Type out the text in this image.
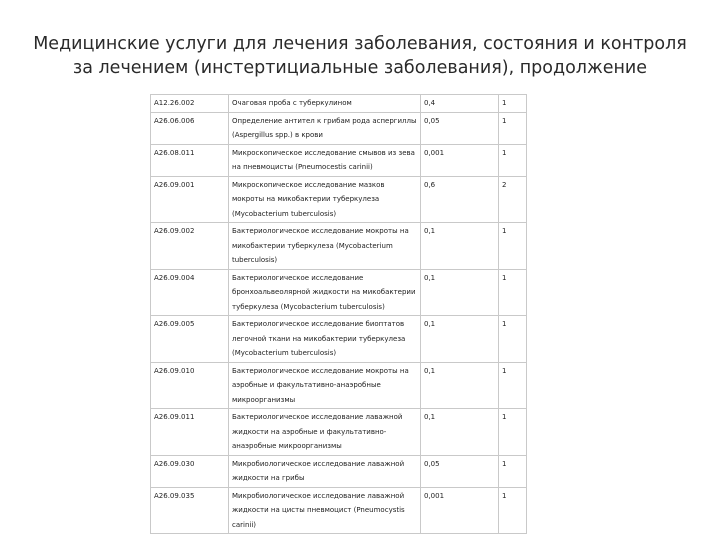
Медицинские услуги для лечения заболевания, состояния и контроля
за лечением (инстертициальные заболевания), продолжение
A12.26.002	Очаговая проба с туберкулином	0,4	1
A26.06.006	Определение антител к грибам рода аспергиллы (Aspergillus spp.) в крови	0,05	1
A26.08.011	Микроскопическое исследование смывов из зева на пневмоцисты (Pneumocestis carinii)	0,001	1
A26.09.001	Микроскопическое исследование мазков мокроты на микобактерии туберкулеза (Mycobacterium tuberculosis)	0,6	2
A26.09.002	Бактериологическое исследование мокроты на микобактерии туберкулеза (Mycobacterium tuberculosis)	0,1	1
A26.09.004	Бактериологическое исследование бронхоальвеолярной жидкости на микобактерии туберкулеза (Mycobacterium tuberculosis)	0,1	1
A26.09.005	Бактериологическое исследование биоптатов легочной ткани на микобактерии туберкулеза (Mycobacterium tuberculosis)	0,1	1
A26.09.010	Бактериологическое исследование мокроты на аэробные и факультативно-анаэробные микроорганизмы	0,1	1
A26.09.011	Бактериологическое исследование лаважной жидкости на аэробные и факультативно-анаэробные микроорганизмы	0,1	1
A26.09.030	Микробиологическое исследование лаважной жидкости на грибы	0,05	1
A26.09.035	Микробиологическое исследование лаважной жидкости на цисты пневмоцист (Pneumocystis carinii)	0,001	1
